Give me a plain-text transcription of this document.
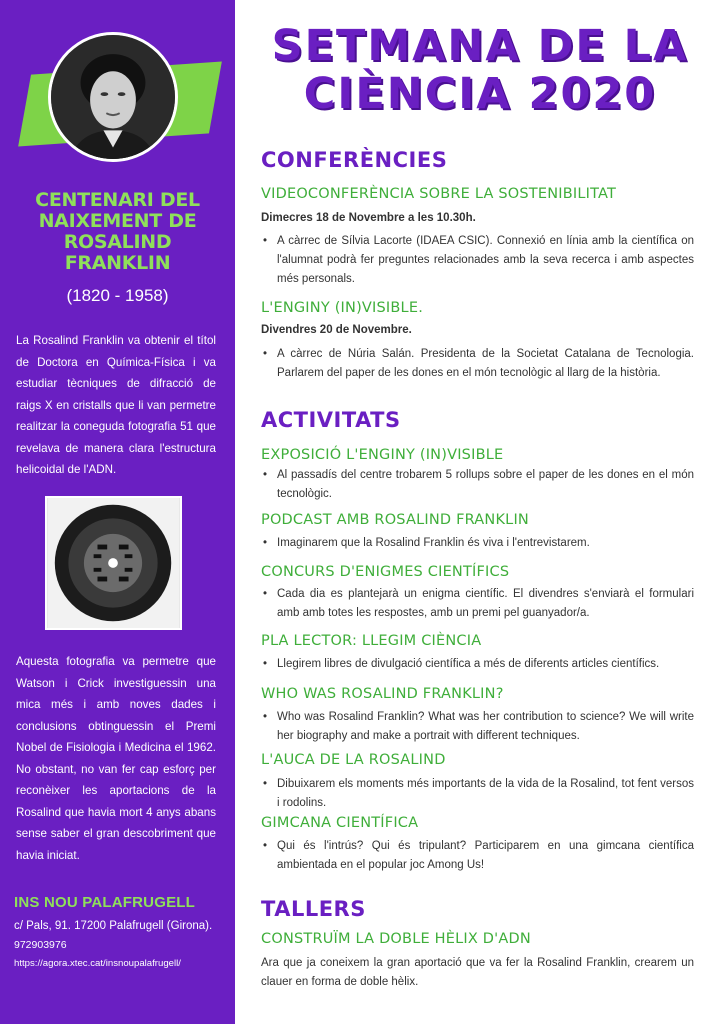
CENTENARI DEL NAIXEMENT DE ROSALIND FRANKLIN
(1820 - 1958)
La Rosalind Franklin va obtenir el títol de Doctora en Química-Física i va estudiar tècniques de difracció de raigs X en cristalls que li van permetre realitzar la coneguda fotografia 51 que revelava de manera clara l'estructura helicoidal de l'ADN.
Aquesta fotografia va permetre que Watson i Crick investiguessin una mica més i amb noves dades i conclusions obtinguessin el Premi Nobel de Fisiologia i Medicina el 1962. No obstant, no van fer cap esforç per reconèixer les aportacions de la Rosalind que havia mort 4 anys abans sense saber el gran descobriment que havia iniciat.
INS NOU PALAFRUGELL
c/ Pals, 91. 17200 Palafrugell (Girona).
972903976
https://agora.xtec.cat/insnoupalafrugell/
SETMANA DE LA CIÈNCIA 2020
CONFERÈNCIES
VIDEOCONFERÈNCIA SOBRE LA SOSTENIBILITAT
Dimecres 18 de Novembre a les 10.30h.
• A càrrec de Sílvia Lacorte (IDAEA CSIC). Connexió en línia amb la científica on l'alumnat podrà fer preguntes relacionades amb la seva recerca i amb aspectes més personals.
L'ENGINY (IN)VISIBLE.
Divendres 20 de Novembre.
• A càrrec de Núria Salán. Presidenta de la Societat Catalana de Tecnologia. Parlarem del paper de les dones en el món tecnològic al llarg de la història.
ACTIVITATS
EXPOSICIÓ L'ENGINY (IN)VISIBLE
• Al passadís del centre trobarem 5 rollups sobre el paper de les dones en el món tecnològic.
PODCAST AMB ROSALIND FRANKLIN
• Imaginarem que la Rosalind Franklin és viva i l'entrevistarem.
CONCURS D'ENIGMES CIENTÍFICS
• Cada dia es plantejarà un enigma científic. El divendres s'enviarà el formulari amb amb totes les respostes, amb un premi pel guanyador/a.
PLA LECTOR: LLEGIM CIÈNCIA
• Llegirem libres de divulgació científica a més de diferents articles científics.
WHO WAS ROSALIND FRANKLIN?
• Who was Rosalind Franklin? What was her contribution to science? We will write her biography and make a portrait with different techniques.
L'AUCA DE LA ROSALIND
• Dibuixarem els moments més importants de la vida de la Rosalind, tot fent versos i rodolins.
GIMCANA CIENTÍFICA
• Qui és l'intrús? Qui és tripulant? Participarem en una gimcana científica ambientada en el popular joc Among Us!
TALLERS
CONSTRUÏM LA DOBLE HÈLIX D'ADN
Ara que ja coneixem la gran aportació que va fer la Rosalind Franklin, crearem un clauer en forma de doble hèlix.
